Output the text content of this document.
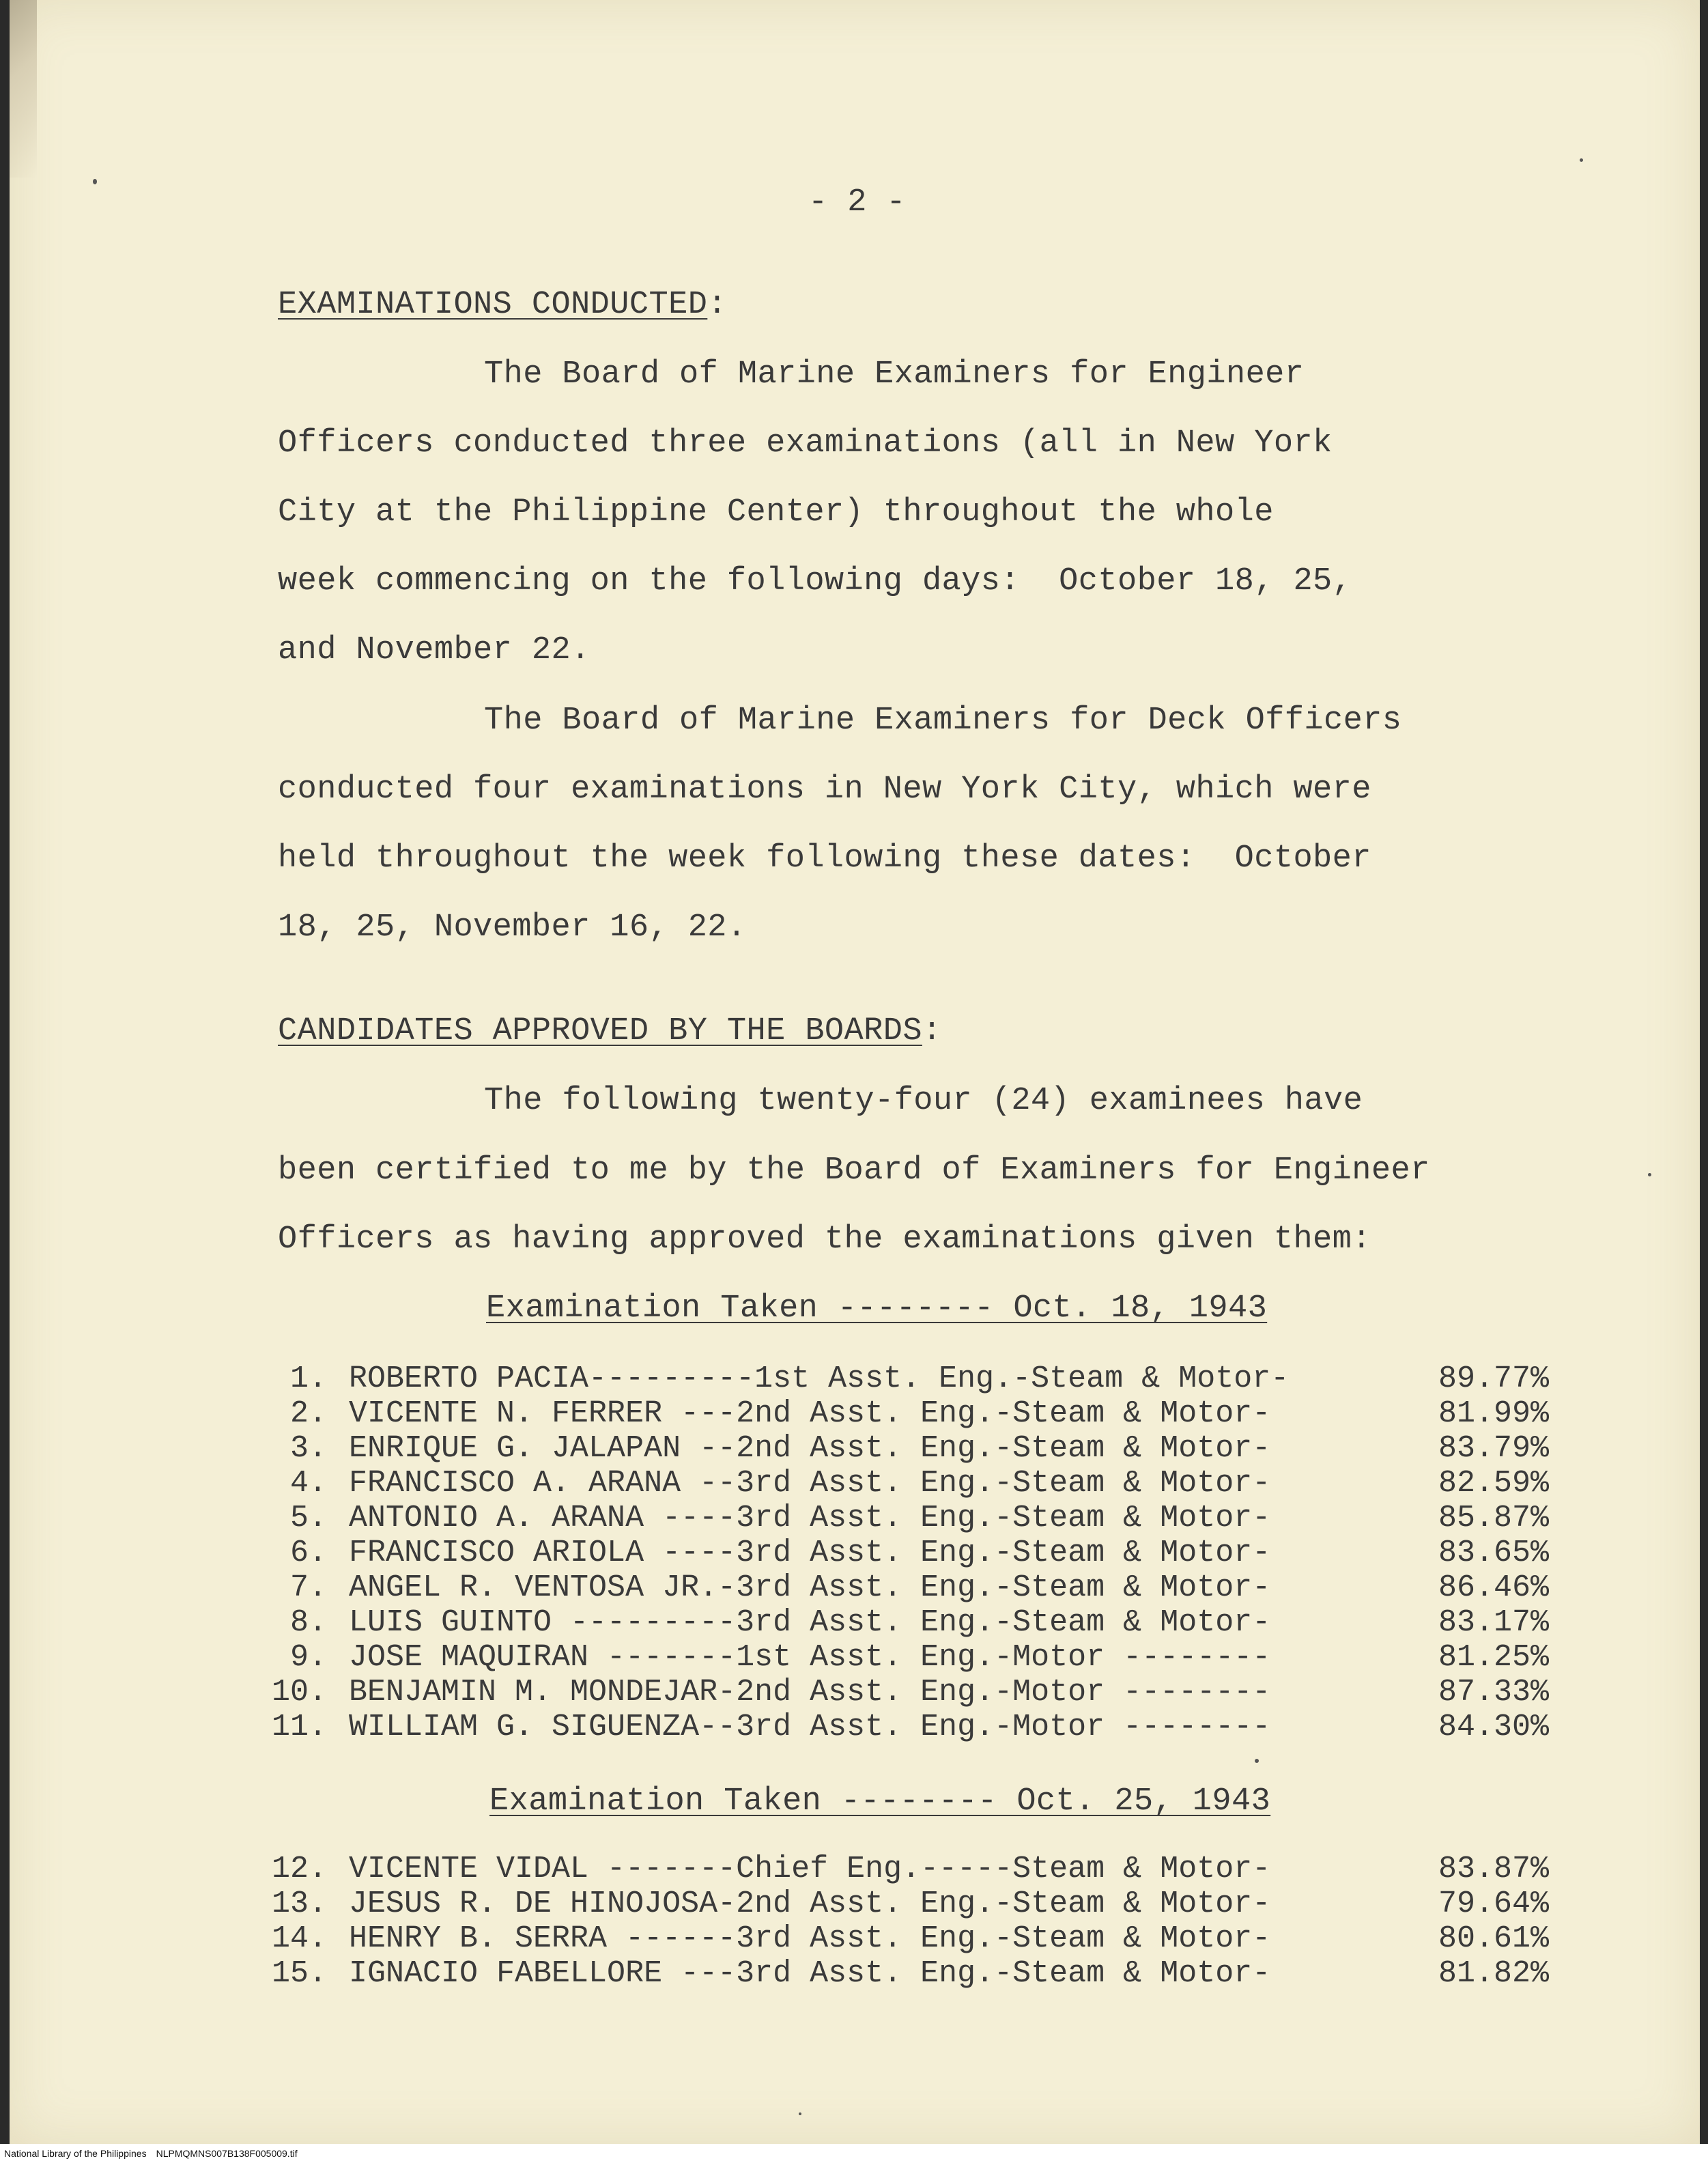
- 2 -
EXAMINATIONS CONDUCTED:
The Board of Marine Examiners for Engineer
Officers conducted three examinations (all in New York
City at the Philippine Center) throughout the whole
week commencing on the following days:  October 18, 25,
and November 22.
The Board of Marine Examiners for Deck Officers
conducted four examinations in New York City, which were
held throughout the week following these dates:  October
18, 25, November 16, 22.
CANDIDATES APPROVED BY THE BOARDS:
The following twenty-four (24) examinees have
been certified to me by the Board of Examiners for Engineer
Officers as having approved the examinations given them:
Examination Taken -------- Oct. 18, 1943
1. ROBERTO PACIA---------1st Asst. Eng.-Steam & Motor-	89.77%
2. VICENTE N. FERRER ---2nd Asst. Eng.-Steam & Motor-	81.99%
3. ENRIQUE G. JALAPAN --2nd Asst. Eng.-Steam & Motor-	83.79%
4. FRANCISCO A. ARANA --3rd Asst. Eng.-Steam & Motor-	82.59%
5. ANTONIO A. ARANA ----3rd Asst. Eng.-Steam & Motor-	85.87%
6. FRANCISCO ARIOLA ----3rd Asst. Eng.-Steam & Motor-	83.65%
7. ANGEL R. VENTOSA JR.-3rd Asst. Eng.-Steam & Motor-	86.46%
8. LUIS GUINTO ---------3rd Asst. Eng.-Steam & Motor-	83.17%
9. JOSE MAQUIRAN -------1st Asst. Eng.-Motor --------	81.25%
10. BENJAMIN M. MONDEJAR-2nd Asst. Eng.-Motor --------	87.33%
11. WILLIAM G. SIGUENZA--3rd Asst. Eng.-Motor --------	84.30%
Examination Taken -------- Oct. 25, 1943
12. VICENTE VIDAL -------Chief Eng.-----Steam & Motor-	83.87%
13. JESUS R. DE HINOJOSA-2nd Asst. Eng.-Steam & Motor-	79.64%
14. HENRY B. SERRA ------3rd Asst. Eng.-Steam & Motor-	80.61%
15. IGNACIO FABELLORE ---3rd Asst. Eng.-Steam & Motor-	81.82%
National Library of the Philippines NLPMQMNS007B138F005009.tif
